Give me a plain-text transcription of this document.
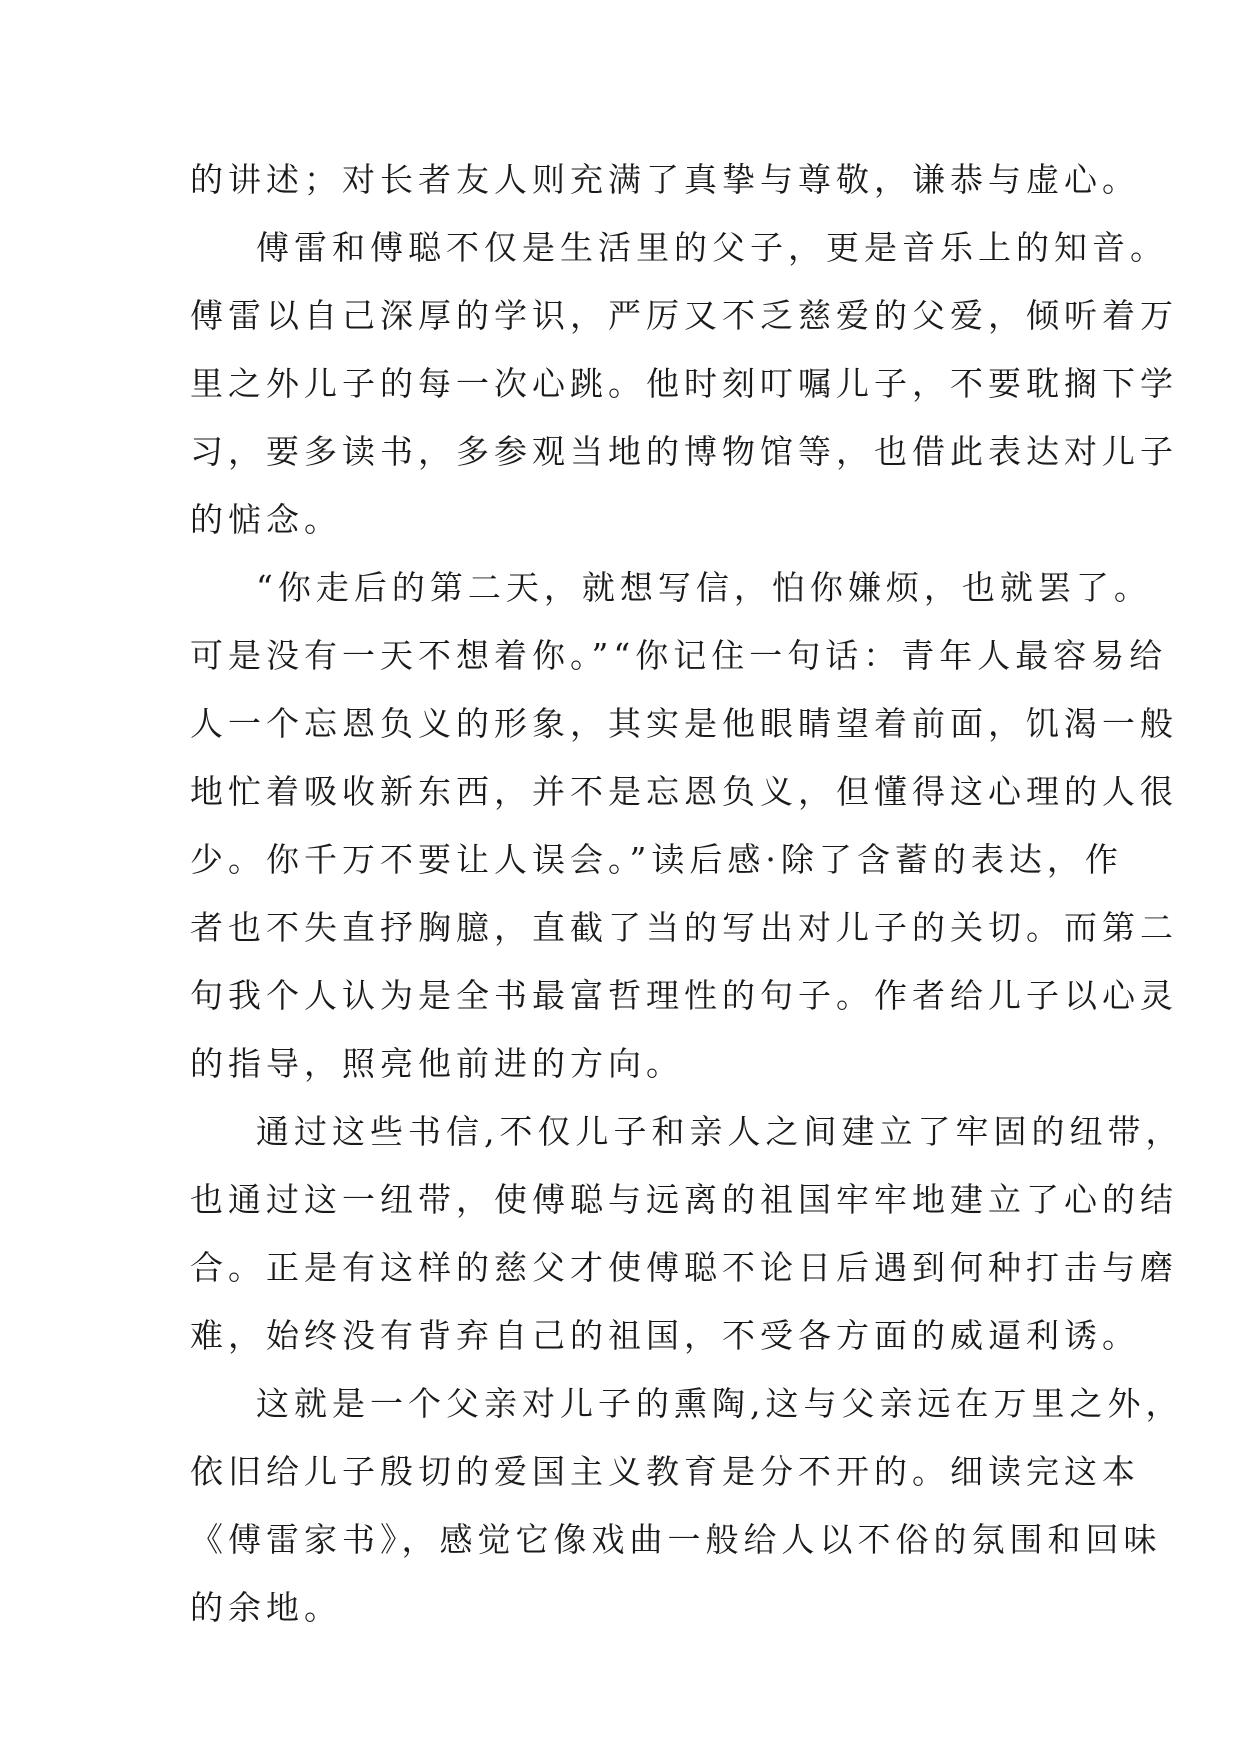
的讲述；对长者友人则充满了真挚与尊敬，谦恭与虚心。
傅雷和傅聪不仅是生活里的父子，更是音乐上的知音。
傅雷以自己深厚的学识，严厉又不乏慈爱的父爱，倾听着万
里之外儿子的每一次心跳。他时刻叮嘱儿子，不要耽搁下学
习，要多读书，多参观当地的博物馆等，也借此表达对儿子
的惦念。
“你走后的第二天，就想写信，怕你嫌烦，也就罢了。
可是没有一天不想着你。”“你记住一句话：青年人最容易给
人一个忘恩负义的形象，其实是他眼睛望着前面，饥渴一般
地忙着吸收新东西，并不是忘恩负义，但懂得这心理的人很
少。你千万不要让人误会。”读后感·除了含蓄的表达，作
者也不失直抒胸臆，直截了当的写出对儿子的关切。而第二
句我个人认为是全书最富哲理性的句子。作者给儿子以心灵
的指导，照亮他前进的方向。
通过这些书信,不仅儿子和亲人之间建立了牢固的纽带，
也通过这一纽带，使傅聪与远离的祖国牢牢地建立了心的结
合。正是有这样的慈父才使傅聪不论日后遇到何种打击与磨
难，始终没有背弃自己的祖国，不受各方面的威逼利诱。
这就是一个父亲对儿子的熏陶,这与父亲远在万里之外，
依旧给儿子殷切的爱国主义教育是分不开的。细读完这本
《傅雷家书》，感觉它像戏曲一般给人以不俗的氛围和回味
的余地。
